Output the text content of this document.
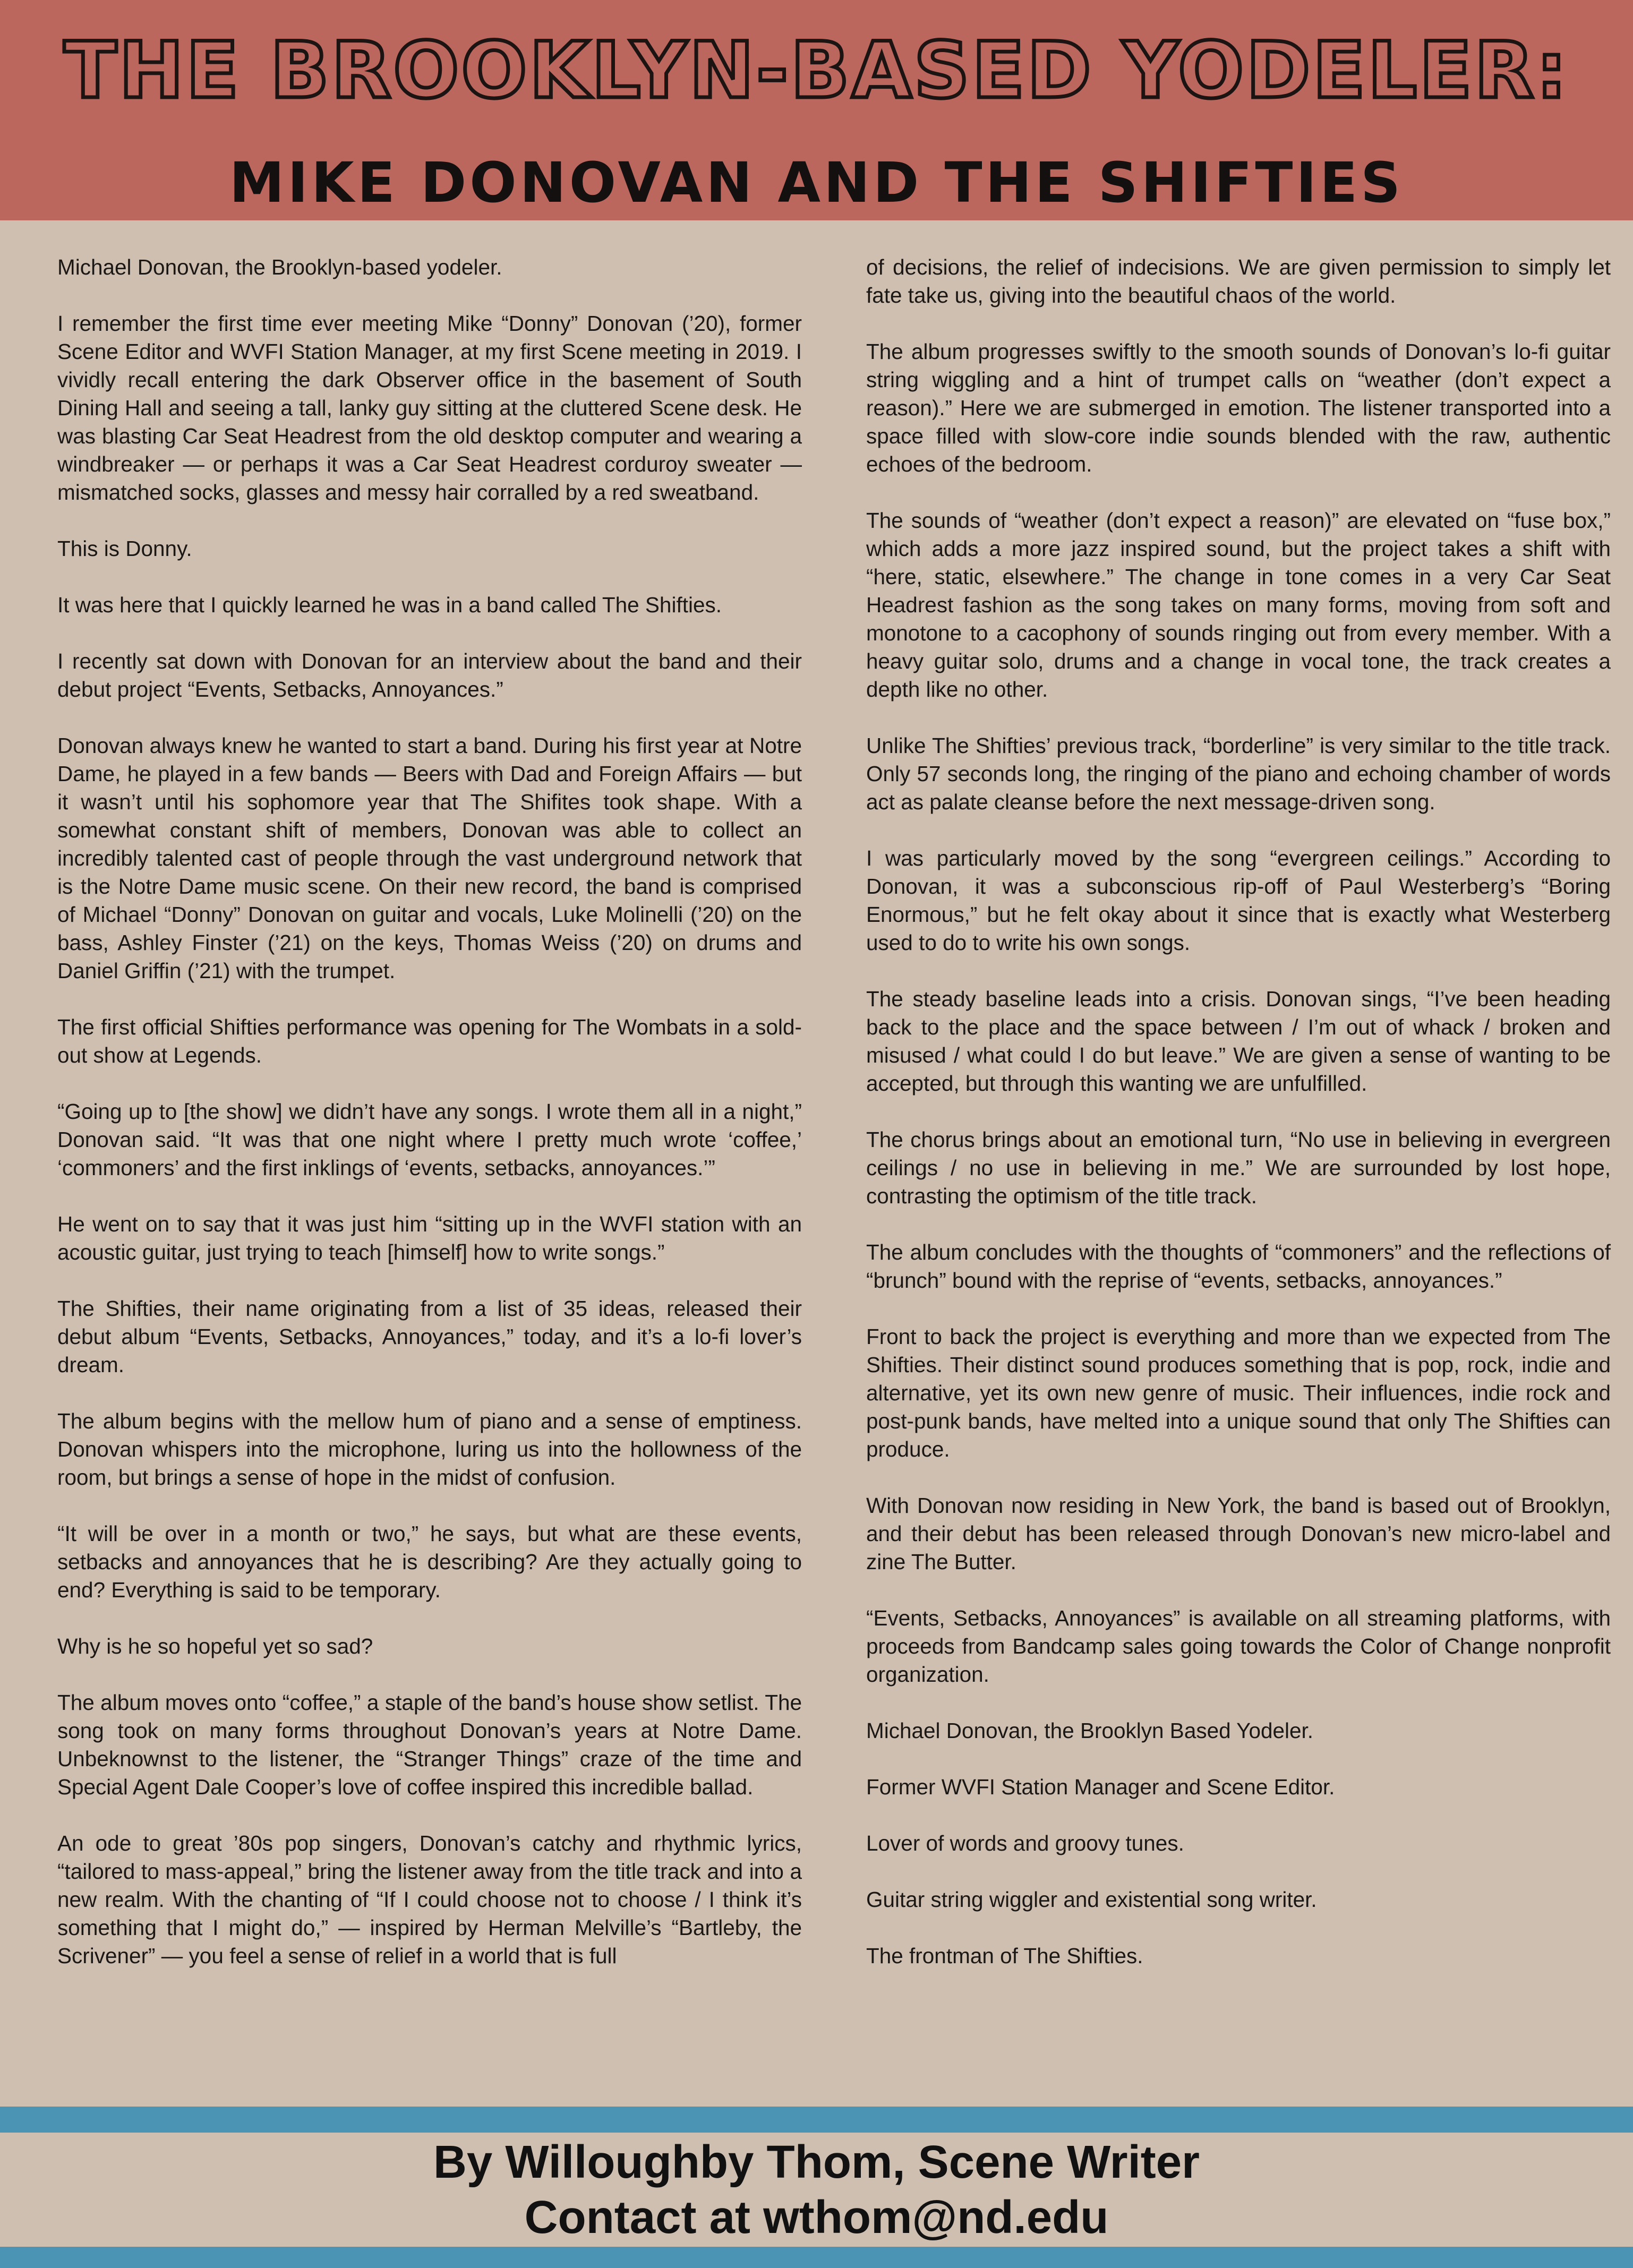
THE BROOKLYN-BASED YODELER:
MIKE DONOVAN AND THE SHIFTIES

Michael Donovan, the Brooklyn-based yodeler.

I remember the first time ever meeting Mike “Donny” Donovan (’20), former Scene Editor and WVFI Station Manager, at my first Scene meeting in 2019. I vividly recall entering the dark Observer office in the basement of South Dining Hall and seeing a tall, lanky guy sitting at the cluttered Scene desk. He was blasting Car Seat Headrest from the old desktop computer and wearing a windbreaker — or perhaps it was a Car Seat Headrest corduroy sweater — mismatched socks, glasses and messy hair corralled by a red sweatband.

This is Donny.

It was here that I quickly learned he was in a band called The Shifties.

I recently sat down with Donovan for an interview about the band and their debut project “Events, Setbacks, Annoyances.”

Donovan always knew he wanted to start a band. During his first year at Notre Dame, he played in a few bands — Beers with Dad and Foreign Affairs — but it wasn’t until his sophomore year that The Shifites took shape. With a somewhat constant shift of members, Donovan was able to collect an incredibly talented cast of people through the vast underground network that is the Notre Dame music scene. On their new record, the band is comprised of Michael “Donny” Donovan on guitar and vocals, Luke Molinelli (’20) on the bass, Ashley Finster (’21) on the keys, Thomas Weiss (’20) on drums and Daniel Griffin (’21) with the trumpet.

The first official Shifties performance was opening for The Wombats in a sold-out show at Legends.

“Going up to [the show] we didn’t have any songs. I wrote them all in a night,” Donovan said. “It was that one night where I pretty much wrote ‘coffee,’ ‘commoners’ and the first inklings of ‘events, setbacks, annoyances.’”

He went on to say that it was just him “sitting up in the WVFI station with an acoustic guitar, just trying to teach [himself] how to write songs.”

The Shifties, their name originating from a list of 35 ideas, released their debut album “Events, Setbacks, Annoyances,” today, and it’s a lo-fi lover’s dream.

The album begins with the mellow hum of piano and a sense of emptiness. Donovan whispers into the microphone, luring us into the hollowness of the room, but brings a sense of hope in the midst of confusion.

“It will be over in a month or two,” he says, but what are these events, setbacks and annoyances that he is describing? Are they actually going to end? Everything is said to be temporary.

Why is he so hopeful yet so sad?

The album moves onto “coffee,” a staple of the band’s house show setlist. The song took on many forms throughout Donovan’s years at Notre Dame. Unbeknownst to the listener, the “Stranger Things” craze of the time and Special Agent Dale Cooper’s love of coffee inspired this incredible ballad.

An ode to great ’80s pop singers, Donovan’s catchy and rhythmic lyrics, “tailored to mass-appeal,” bring the listener away from the title track and into a new realm. With the chanting of “If I could choose not to choose / I think it’s something that I might do,” — inspired by Herman Melville’s “Bartleby, the Scrivener” — you feel a sense of relief in a world that is full

of decisions, the relief of indecisions. We are given permission to simply let fate take us, giving into the beautiful chaos of the world.

The album progresses swiftly to the smooth sounds of Donovan’s lo-fi guitar string wiggling and a hint of trumpet calls on “weather (don’t expect a reason).” Here we are submerged in emotion. The listener transported into a space filled with slow-core indie sounds blended with the raw, authentic echoes of the bedroom.

The sounds of “weather (don’t expect a reason)” are elevated on “fuse box,” which adds a more jazz inspired sound, but the project takes a shift with “here, static, elsewhere.” The change in tone comes in a very Car Seat Headrest fashion as the song takes on many forms, moving from soft and monotone to a cacophony of sounds ringing out from every member. With a heavy guitar solo, drums and a change in vocal tone, the track creates a depth like no other.

Unlike The Shifties’ previous track, “borderline” is very similar to the title track. Only 57 seconds long, the ringing of the piano and echoing chamber of words act as palate cleanse before the next message-driven song.

I was particularly moved by the song “evergreen ceilings.” According to Donovan, it was a subconscious rip-off of Paul Westerberg’s “Boring Enormous,” but he felt okay about it since that is exactly what Westerberg used to do to write his own songs.

The steady baseline leads into a crisis. Donovan sings, “I’ve been heading back to the place and the space between / I’m out of whack / broken and misused / what could I do but leave.” We are given a sense of wanting to be accepted, but through this wanting we are unfulfilled.

The chorus brings about an emotional turn, “No use in believing in evergreen ceilings / no use in believing in me.” We are surrounded by lost hope, contrasting the optimism of the title track.

The album concludes with the thoughts of “commoners” and the reflections of “brunch” bound with the reprise of “events, setbacks, annoyances.”

Front to back the project is everything and more than we expected from The Shifties. Their distinct sound produces something that is pop, rock, indie and alternative, yet its own new genre of music. Their influences, indie rock and post-punk bands, have melted into a unique sound that only The Shifties can produce.

With Donovan now residing in New York, the band is based out of Brooklyn, and their debut has been released through Donovan’s new micro-label and zine The Butter.

“Events, Setbacks, Annoyances” is available on all streaming platforms, with proceeds from Bandcamp sales going towards the Color of Change nonprofit organization.

Michael Donovan, the Brooklyn Based Yodeler.

Former WVFI Station Manager and Scene Editor.

Lover of words and groovy tunes.

Guitar string wiggler and existential song writer.

The frontman of The Shifties.

By Willoughby Thom, Scene Writer
Contact at wthom@nd.edu
